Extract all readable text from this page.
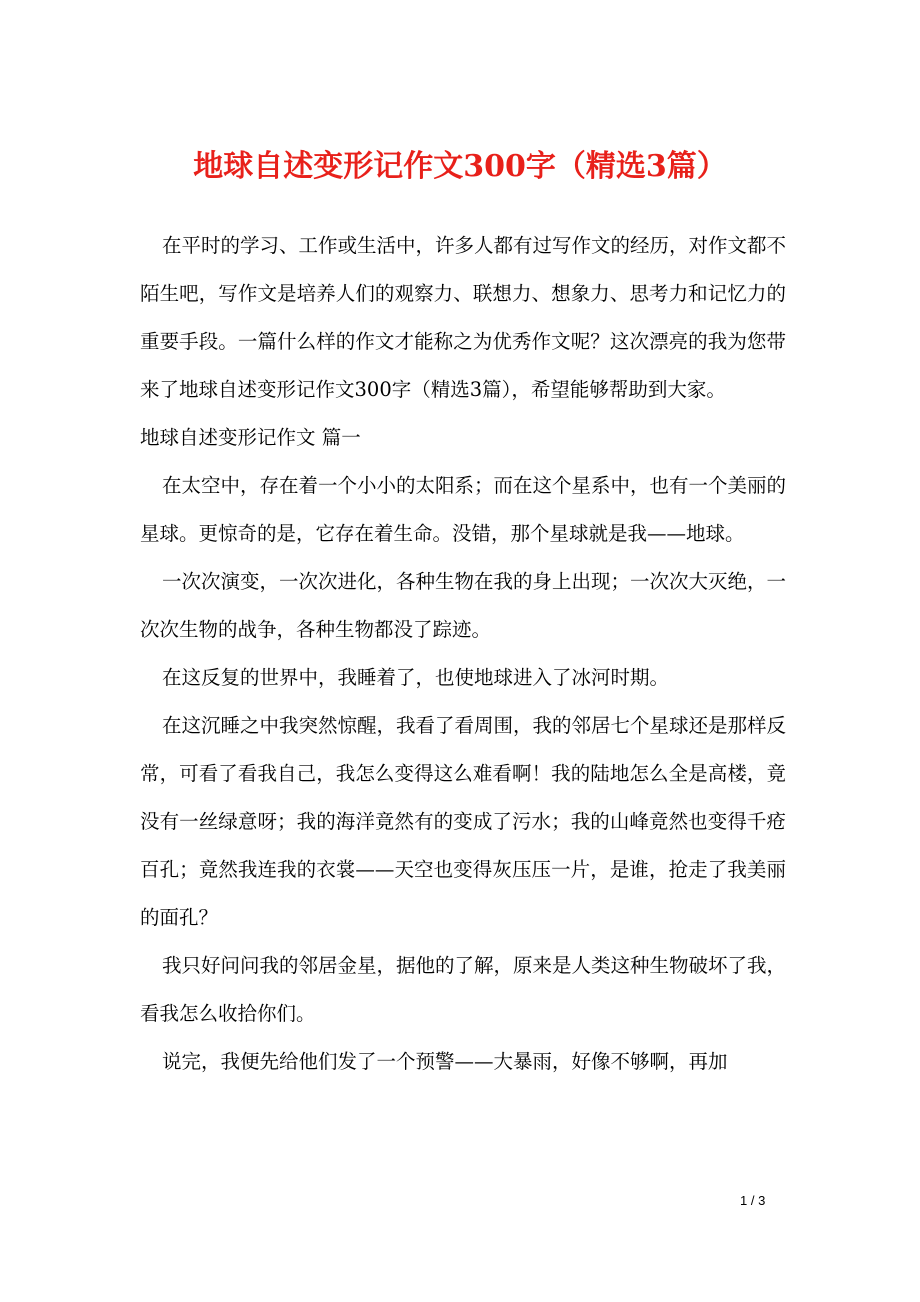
地球自述变形记作文300字（精选3篇）

在平时的学习、工作或生活中，许多人都有过写作文的经历，对作文都不陌生吧，写作文是培养人们的观察力、联想力、想象力、思考力和记忆力的重要手段。一篇什么样的作文才能称之为优秀作文呢？这次漂亮的我为您带来了地球自述变形记作文300字（精选3篇），希望能够帮助到大家。

地球自述变形记作文 篇一

在太空中，存在着一个小小的太阳系；而在这个星系中，也有一个美丽的星球。更惊奇的是，它存在着生命。没错，那个星球就是我——地球。

一次次演变，一次次进化，各种生物在我的身上出现；一次次大灭绝，一次次生物的战争，各种生物都没了踪迹。

在这反复的世界中，我睡着了，也使地球进入了冰河时期。

在这沉睡之中我突然惊醒，我看了看周围，我的邻居七个星球还是那样反常，可看了看我自己，我怎么变得这么难看啊！我的陆地怎么全是高楼，竟没有一丝绿意呀；我的海洋竟然有的变成了污水；我的山峰竟然也变得千疮百孔；竟然我连我的衣裳——天空也变得灰压压一片，是谁，抢走了我美丽的面孔？

我只好问问我的邻居金星，据他的了解，原来是人类这种生物破坏了我，看我怎么收拾你们。

说完，我便先给他们发了一个预警——大暴雨，好像不够啊，再加

1 / 3
